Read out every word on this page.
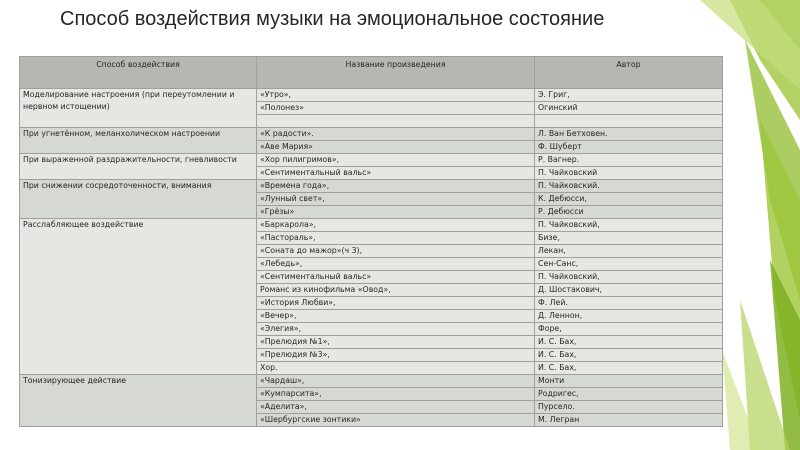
Способ воздействия музыки на эмоциональное состояние
Способ воздействия	Название произведения	Автор

Моделирование настроения (при переутомлении и нервном истощении)	«Утро»,	Э. Григ,
	«Полонез»	Огинский

При угнетённом, меланхолическом настроении	«К радости».	Л. Ван Бетховен.
	«Аве Мария»	Ф. Шуберт

При выраженной раздражительности, гневливости	«Хор пилигримов»,	Р. Вагнер.
	«Сентиментальный вальс»	П. Чайковский

При снижении сосредоточенности, внимания	«Времена года»,	П. Чайковский.
	«Лунный свет»,	К. Дебюсси,
	«Грёзы»	Р. Дебюсси

Расслабляющее воздействие	«Баркарола»,	П. Чайковский,
	«Пастораль»,	Бизе,
	«Соната до мажор»(ч 3),	Лекан,
	«Лебедь»,	Сен-Санс,
	«Сентиментальный вальс»	П. Чайковский,
	Романс из кинофильма «Овод»,	Д. Шостакович,
	«История Любви»,	Ф. Лей.
	«Вечер»,	Д. Леннон,
	«Элегия»,	Форе,
	«Прелюдия №1»,	И. С. Бах,
	«Прелюдия №3»,	И. С. Бах,
	Хор.	И. С. Бах,

Тонизирующее действие	«Чардаш»,	Монти
	«Кумпарсита»,	Родригес,
	«Аделита»,	Пурсело.
	«Шербургские зонтики»	М. Легран
